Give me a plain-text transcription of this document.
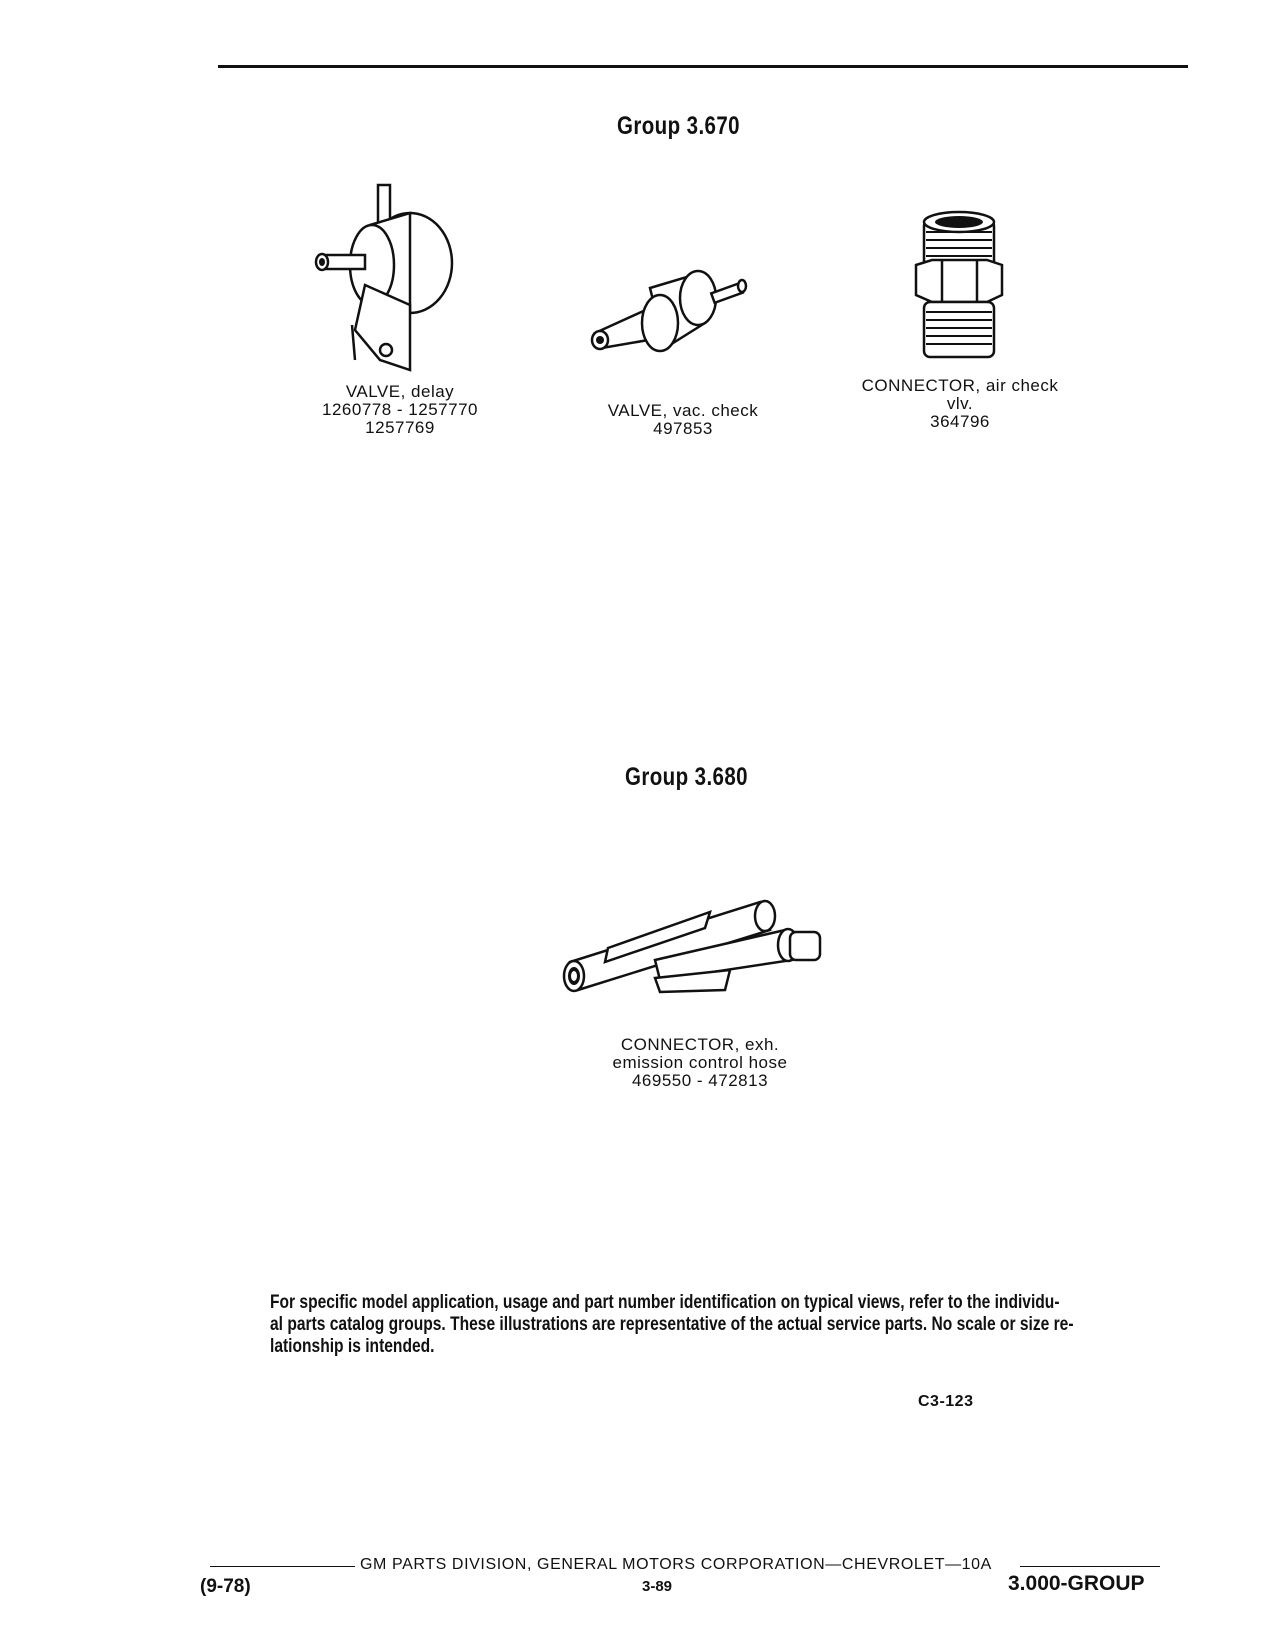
Group 3.670
VALVE, delay
1260778 - 1257770
1257769
VALVE, vac. check
497853
CONNECTOR, air check
vlv.
364796
Group 3.680
CONNECTOR, exh.
emission control hose
469550 - 472813
For specific model application, usage and part number identification on typical views, refer to the individu-
al parts catalog groups. These illustrations are representative of the actual service parts. No scale or size re-
lationship is intended.
C3-123
GM PARTS DIVISION, GENERAL MOTORS CORPORATION—CHEVROLET—10A
(9-78)	3-89	3.000-GROUP
